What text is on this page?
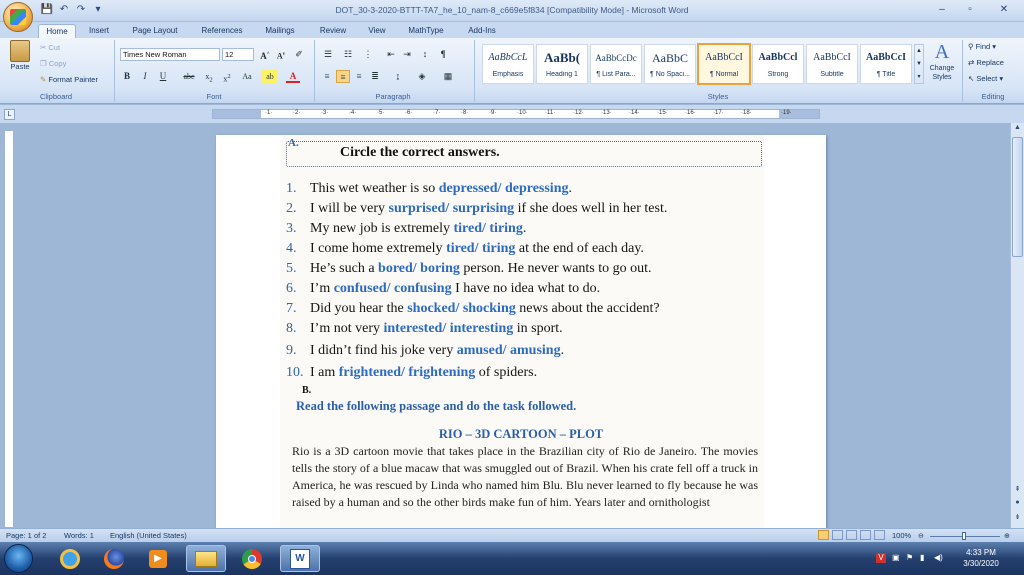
💾 ↶ ↷	▾	DOT_30-3-2020-BTTT-TA7_he_10_nam-8_c669e5f834 [Compatibility Mode] - Microsoft Word	–	▫	✕
Home	Insert	Page Layout	References	Mailings	Review	View	MathType	Add-Ins
Paste
✂ Cut
❐ Copy
✎ Format Painter
Clipboard
Times New Roman	12	A^ $A^v$	✐
B	I	U	abc	$x_2$	$x^2$	Aa	ab	A
Font
☰	☷	⋮	⇤ ⇥	↕	¶
≡	≡	≡	≣	↨	◈	▦
Paragraph
AaBbCcL
Emphasis
AaBb(
Heading 1
AaBbCcDc
¶ List Para...
AaBbC
¶ No Spaci...
AaBbCcI
¶ Normal
AaBbCcl
Strong
AaBbCcI
Subtitle
AaBbCcI
¶ Title
▲
▼
▾
A
Change Styles
Styles
⚲ Find ▾
⇄ Replace
↖ Select ▾
Editing
·1·	·2·	·3·	·4·	·5·	·6·	·7·	·8·	·9·	·10·	·11·	·12·	·13·	·14·	·15·	·16·	·17·	·18·	·19·
L
A.
Circle the correct answers.
1. This wet weather is so depressed/ depressing.
2. I will be very surprised/ surprising if she does well in her test.
3. My new job is extremely tired/ tiring.
4. I come home extremely tired/ tiring at the end of each day.
5. He’s such a bored/ boring person. He never wants to go out.
6. I’m confused/ confusing I have no idea what to do.
7. Did you hear the shocked/ shocking news about the accident?
8. I’m not very interested/ interesting in sport.
9. I didn’t find his joke very amused/ amusing.
10. I am frightened/ frightening of spiders.
B.
Read the following passage and do the task followed.
RIO – 3D CARTOON – PLOT
Rio is a 3D cartoon movie that takes place in the Brazilian city of Rio de Janeiro. The movies tells the story of a blue macaw that was smuggled out of Brazil. When his crate fell off a truck in America, he was rescued by Linda who named him Blu. Blu never learned to fly because he was raised by a human and so the other birds make fun of him. Years later and ornithologist
▲
⇞
●
⇟
Page: 1 of 2 Words: 1 English (United States)	100% ⊖	⊕
▶	W	V ▣ ⚑ ▮	◀)
4:33 PM
3/30/2020
